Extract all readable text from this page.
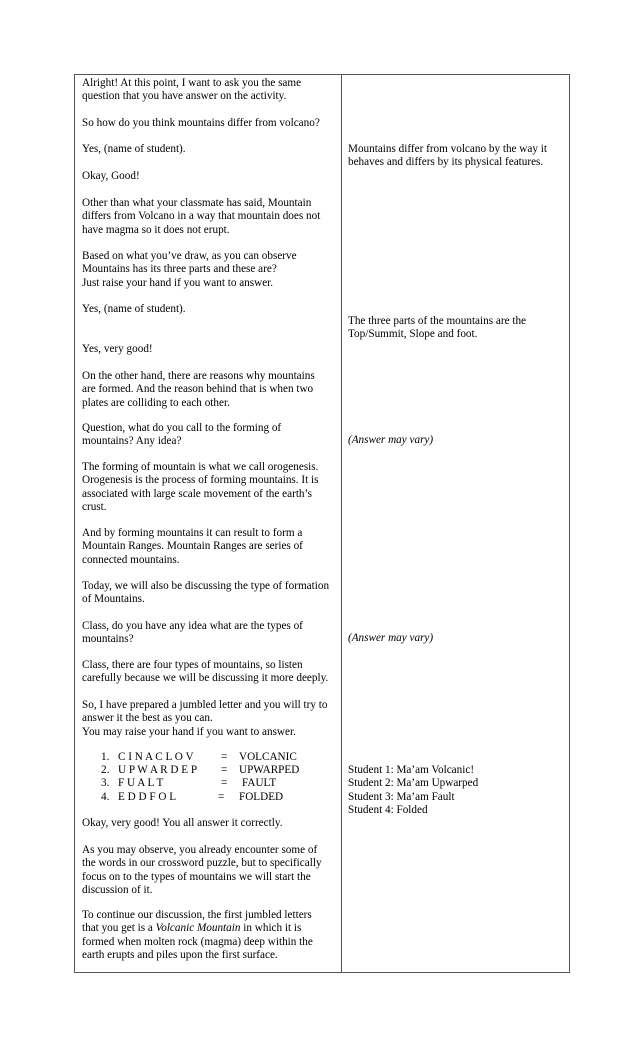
Alright! At this point, I want to ask you the same
question that you have answer on the activity.
So how do you think mountains differ from volcano?
Yes, (name of student).
Okay, Good!
Other than what your classmate has said, Mountain
differs from Volcano in a way that mountain does not
have magma so it does not erupt.
Based on what you’ve draw, as you can observe
Mountains has its three parts and these are?
Just raise your hand if you want to answer.
Yes, (name of student).
Yes, very good!
On the other hand, there are reasons why mountains
are formed. And the reason behind that is when two
plates are colliding to each other.
Question, what do you call to the forming of
mountains? Any idea?
The forming of mountain is what we call orogenesis.
Orogenesis is the process of forming mountains. It is
associated with large scale movement of the earth’s
crust.
And by forming mountains it can result to form a
Mountain Ranges. Mountain Ranges are series of
connected mountains.
Today, we will also be discussing the type of formation
of Mountains.
Class, do you have any idea what are the types of
mountains?
Class, there are four types of mountains, so listen
carefully because we will be discussing it more deeply.
So, I have prepared a jumbled letter and you will try to
answer it the best as you can.
You may raise your hand if you want to answer.
1. C I N A C L O V = VOLCANIC
2. U P W A R D E P = UPWARPED
3. F U A L T	= FAULT
4. E D D F O L	= FOLDED
Okay, very good! You all answer it correctly.
As you may observe, you already encounter some of
the words in our crossword puzzle, but to specifically
focus on to the types of mountains we will start the
discussion of it.
To continue our discussion, the first jumbled letters
that you get is a Volcanic Mountain in which it is
formed when molten rock (magma) deep within the
earth erupts and piles upon the first surface.
Mountains differ from volcano by the way it
behaves and differs by its physical features.
The three parts of the mountains are the
Top/Summit, Slope and foot.
(Answer may vary)
(Answer may vary)
Student 1: Ma’am Volcanic!
Student 2: Ma’am Upwarped
Student 3: Ma’am Fault
Student 4: Folded
